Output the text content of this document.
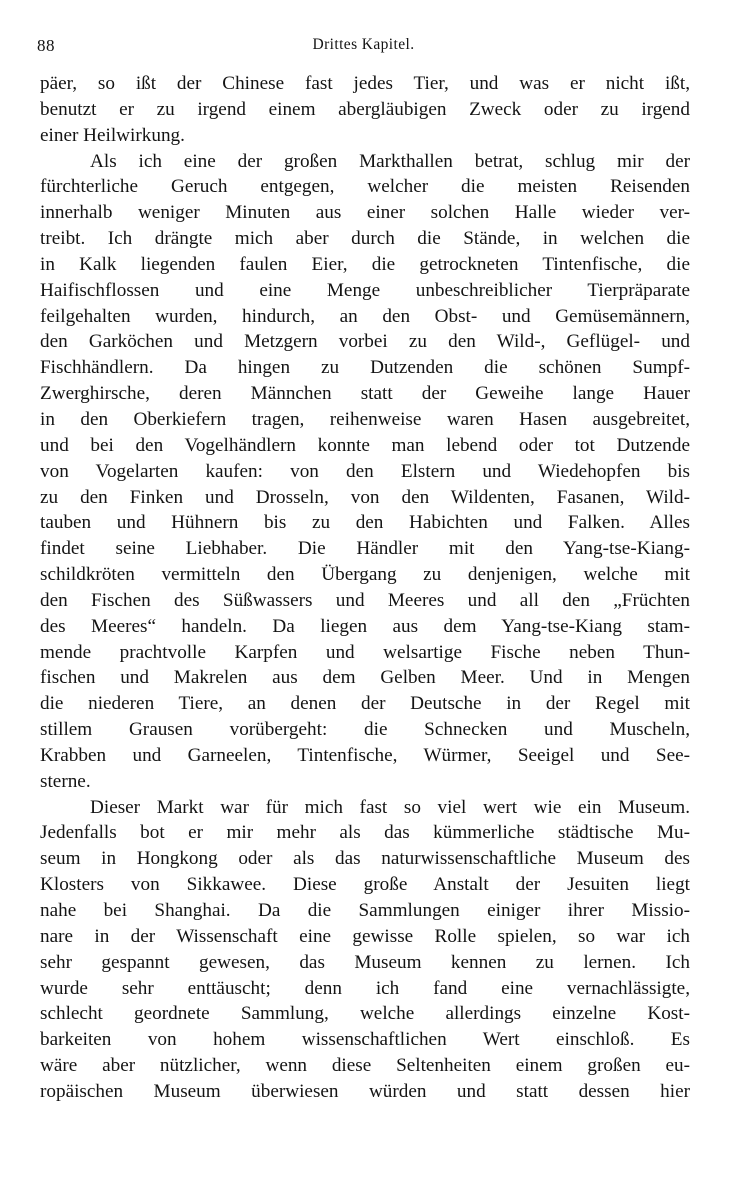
88	Drittes Kapitel.
päer, so ißt der Chinese fast jedes Tier, und was er nicht ißt,
benutzt er zu irgend einem abergläubigen Zweck oder zu irgend
einer Heilwirkung.
Als ich eine der großen Markthallen betrat, schlug mir der
fürchterliche Geruch entgegen, welcher die meisten Reisenden
innerhalb weniger Minuten aus einer solchen Halle wieder ver-
treibt. Ich drängte mich aber durch die Stände, in welchen die
in Kalk liegenden faulen Eier, die getrockneten Tintenfische, die
Haifischflossen und eine Menge unbeschreiblicher Tierpräparate
feilgehalten wurden, hindurch, an den Obst- und Gemüsemännern,
den Garköchen und Metzgern vorbei zu den Wild-, Geflügel- und
Fischhändlern. Da hingen zu Dutzenden die schönen Sumpf-
Zwerghirsche, deren Männchen statt der Geweihe lange Hauer
in den Oberkiefern tragen, reihenweise waren Hasen ausgebreitet,
und bei den Vogelhändlern konnte man lebend oder tot Dutzende
von Vogelarten kaufen: von den Elstern und Wiedehopfen bis
zu den Finken und Drosseln, von den Wildenten, Fasanen, Wild-
tauben und Hühnern bis zu den Habichten und Falken. Alles
findet seine Liebhaber. Die Händler mit den Yang-tse-Kiang-
schildkröten vermitteln den Übergang zu denjenigen, welche mit
den Fischen des Süßwassers und Meeres und all den „Früchten
des Meeres“ handeln. Da liegen aus dem Yang-tse-Kiang stam-
mende prachtvolle Karpfen und welsartige Fische neben Thun-
fischen und Makrelen aus dem Gelben Meer. Und in Mengen
die niederen Tiere, an denen der Deutsche in der Regel mit
stillem Grausen vorübergeht: die Schnecken und Muscheln,
Krabben und Garneelen, Tintenfische, Würmer, Seeigel und See-
sterne.
Dieser Markt war für mich fast so viel wert wie ein Museum.
Jedenfalls bot er mir mehr als das kümmerliche städtische Mu-
seum in Hongkong oder als das naturwissenschaftliche Museum des
Klosters von Sikkawee. Diese große Anstalt der Jesuiten liegt
nahe bei Shanghai. Da die Sammlungen einiger ihrer Missio-
nare in der Wissenschaft eine gewisse Rolle spielen, so war ich
sehr gespannt gewesen, das Museum kennen zu lernen. Ich
wurde sehr enttäuscht; denn ich fand eine vernachlässigte,
schlecht geordnete Sammlung, welche allerdings einzelne Kost-
barkeiten von hohem wissenschaftlichen Wert einschloß. Es
wäre aber nützlicher, wenn diese Seltenheiten einem großen eu-
ropäischen Museum überwiesen würden und statt dessen hier
